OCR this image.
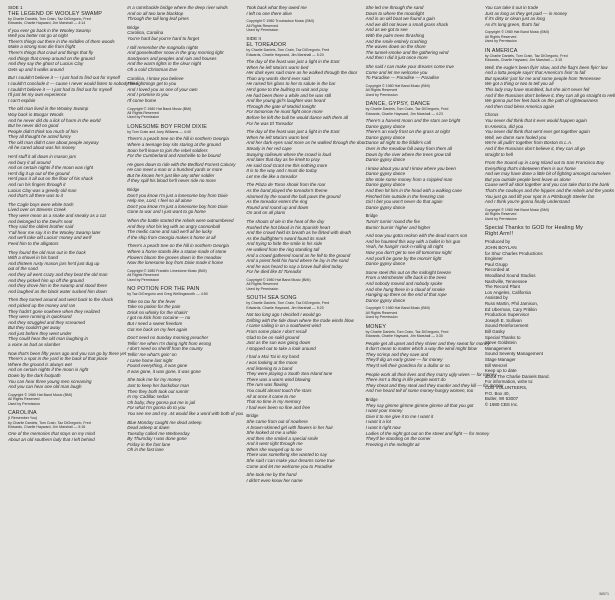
SIDE 1
THE LEGEND OF WOOLEY SWAMP
by Charlie Daniels, Tom Crain, Taz DiGregorio, Fred
Edwards, Charlie Hayward, Jim Marshall — 4:14
If you ever go back in the Wooley Swamp
Well you better not go at night
There's things out there in the middles of them woods
Make a strong man die from fright
There's things that crawl and things that fly
And things that creep around on the ground
And they say the ghost of Lucius Clay
Gets up and it walks around
But I couldn't believe it — I just had to find out for myself
I couldn't conclude it — cause I never would listen to nobody else
I couldn't believe it — I just had to find out for myself
I'll just let my own experience
I can't explain
The old man lived in the Wooley Swamp
Way back in Boogar Woods
And he never did do a lick of harm in the world
But he never did no good
People didn't think too much of him
They all thought he acted funny
The old man didn't care about people anyway
All he cared about was his money
He'd stuff it all down in mason jars
And bury it all around
And on certain nights if the moon was right
He'd dig it up out of the ground
He'd pour it all out on the floor of his shack
And run his fingers through it
Lucius Clay was a greedy old man
And that's all there was to it
The Cagle boys were white trash
Lived over on Stevens Creek
They were mean as a snake and sneaky as a cat
And belonged to the Devil's seat
They said the oldest brother said
Y'all hear me say it in the Wooley Swamp later
And we'll take old Lucius' money and we'll
Feed him to the alligators
They found the old man out in the back
With a shovel in his hand
And thirteen rusty mason jars he'd just dug up
out of the sand
And they all went crazy and they beat the old man
And they picked him up off the ground
And they drove him in the swamp and stood there
And laughed as the black water sucked him down
Then they turned around and went back to the shack
And picked up the money and ran
They hadn't gone nowhere when they realized
They were running in quicksand
And they struggled and they screamed
But they couldn't get away
And just before they went under
They could hear the old man laughing in
a voice as bad as slumber
Now that's been fifty years ago and you can go by there yet
There's a spot in the yard in the back of that place
Where the ground is always wet
And on certain nights if the moon is right
Down by the dark footpath
You can hear three young men screaming
And you can hear one old man laugh
Copyright © 1980 Hat Band Music (BMI)
All Rights Reserved
Used by Permission
CAROLINA
(I Remember You)
by Charlie Daniels, Tom Crain, Taz DiGregorio, Fred
Edwards, Charlie Hayward, Jim Marshall — 5:16
One of the memories that stays on my mind
About an old southern lady that I left behind
In a ramshackle bridge where the deep river winds
And on all two lane blacktop
Through the tall long leaf pines
Bridge
Carolina, Carolina
You're hard but you're hard to forget
I still remember the magnolia nights
And gooseleather snow in the gray morning light
Sandyears and peoples and rain and houses
And the warm lights in the clear night
Oh a cold Christmas Eve
Carolina, I know you believe
The lightnings get to you
And I loved you as one of your own
And I promise to you
I'll come home
Copyright © 1980 Hat Band Music (BMI)
All Rights Reserved
Used by Permission
LONESOME BOY FROM DIXIE
by Tom Crain and Joey Williams — 4:40
There's a peach tree on the hill in northern Georgia
Where a teenage boy sits staring at the ground
Soon he'll leave to join the rebel soldiers
For the Cumberland and Nashville to be bound
He goes down to ride with the Bedford Forrest Calvary
He can meet a man or a hundred yards or more
But he knows he's just like any other soldier
If they spill his blood he'll never ride no more
Bridge
Don't you know I'm just a lonesome boy from Dixie
Help me, Lord, I feel so all alone
Don't you know I'm just a lonesome boy from Dixie
Gone to war and I just want to go home
When the battle started the rebels were outnumbered
And they shot his leg with an angry cannonball
The medic came and said we'll all be lucky
If the ship from Georgia makes it home at all
There's a peach tree on the hill in northern Georgia
Where a horse stands like a statue made of stone
Flowers bloom the groves down in the meadow
Now the lonesome boy from Dixie made it home
Copyright © 1980 Franklin Limestone Music (BMI)
All Rights Reserved
Used by Permission
NO POTION FOR THE PAIN
by Taz DiGregorio and Greg Wellingsworth — 4:50
Take no tax for the fever
Take no potion for the pain
Drink no whisky for the shakin'
I got no kick from cocaine — no
But I need a sweet freedom
Got me back on my feet again
Don't need no Sunday morning preacher
Tellin' me when I'm doing right from wrong
I don't need no sheriff from the county
Tellin' me what's goin' on
I came home last night
Found everything, it was gone
It was gone, it was gone, it was gone
She took me for my money
Just to keep her backdoor man
Then they both took out runnin'
In my Cadillac sedan
Oh baby, they gonna put me in jail
For what I'm gonna do to you
You see me and my .44 would like a word with both of you
Blue Monday caught me dead asleep
Dead asleep at dawn
Tuesday called me Wednesday
By Thursday I was done gone
Friday in the fast lane
Oh in the fast lane
Took back what they owed me
I left no one there alive
Copyright © 1980 Troubadour Music (BMI)
All Rights Reserved
Used by Permission
SIDE II
EL TOREADOR
by Charlie Daniels, Tom Crain, Taz DiGregorio, Fred
Edwards, Charlie Hayward, Jim Marshall — 5:20
The day of the feast was just a light in the East
When he left Maria's warm bed
Her dark eyes said more as he walked through the door
Than any words she'd ever said
He raised his glass to her to salute in the bar
He'd gone to the bullring to wait and pray
He had been there a while and he was still
And the young girl's laughter was heard
Through the gate of Madrid tonight
For tomorrow he must fight once more
Before he left the bull he would dance with them all
For he was El Toreador
The day of the feast was just a light in the East
When he left Maria's warm bed
And her dark eyes said more as he walked through the door
Steady in her red cape
Swaying coliseum where the crowd is loud
And later that day as he knelt to pray
He said God Grant me this nothing more
It is to the way and I must die today
Let me die like a toreador
The Plaza de Toros shook from the roar
As the band played the toreador's theme
Alarmed by the sound the bull paws the ground
As the toreador enters the ring
Round and round up and down
On and on all plans
The shouts of ole in the heat of the day
Rushed the hot blood in his Spanish heart
And the crowd held its breath as he flirted with death
As the bullfighter's sword found its mark
And trying to hide the smile in his side
He walked from the ring standing tall
And a crowd gathered round as he fell to the ground
And a priest held his hand where he lay in the sand
And he was heard to say a brave bull died today
For he died like El Toreador
Copyright © 1980 Hat Band Music (BMI)
All Rights Reserved
Used by Permission
SOUTH SEA SONG
by Charlie Daniels, Tom Crain, Taz DiGregorio, Fred
Edwards, Charlie Hayward, Jim Marshall — 5:20
Not too long ago I decided I would go
Drifting with the tide down where the trade winds blow
I came sailing in on a southwest wind
From some place I don't recall
Glad to be on solid ground
Just as the sun was going down
I stopped out to take a look around
I had a Mai Tai in my hand
I was looking at the moon
And listening to a band
They were playing a South Sea Island tune
There was a warm wind blowing
The rum was flowing
You could almost touch the stars
All at once it came to me
That no time in my memory
I had ever been so fine and free
Bridge
She came from out of nowhere
A brown-skinned girl with flowers in her hair
She looked at me a while
And then she smiled a special smile
And it went right through me
When she swayed up to me
There was something she wanted to say
She said I can make your dreams come true
Come and let me welcome you to Paradise
She took me by the hand
I didn't even know her name
She led me through the sand
Down to where the moonlight
And in an old boat we found a gain
And we did not leave a small grass shack
And as we got to see
With the palm trees thrashing
And the smile entirely crashing
The waves down on the shore
The tunnel-smoke and the gathering wind
And then I did it just once more
She said I can make your dreams come true
Come and let me welcome you
To Paradise — Paradise — Paradise
Copyright © 1980 Hat Band Music (BMI)
All Rights Reserved
Used by Permission
DANCE, GYPSY, DANCE
by Charlie Daniels, Tom Crain, Taz DiGregorio, Fred
Edwards, Charlie Hayward, Jim Marshall — 4:23
There's a harvest moon and the stars are bright
Dance gypsy dance
There's an early frost on the grass at night
Dance gypsy dance
Dance all night to the fiddle's call
Over in the meadow fall away from them all
Down by the river where the trees grow tall
Dance gypsy dance
I know about you and I know where you been
Dance gypsy dance
She stole some money from a crippled man
Dance gypsy dance
And then hit him in the head with a walking cane
Pinched him outside in the freezing rain
Girl I bet you won't never do that again
Dance gypsy dance
Bridge
Turnin' turnin' round the fire
Burnin' burnin' higher and higher
And now you gotta reckon with the dead man's son
And he haunted this way with a bullet in his gun
Yeah, he hangin' rock-n-rolling all night
Now you don't get to see till tomorrow night
And you'll be gone by the mornin' light
Dance gypsy dance
Some steel this out on the midnight breeze
From a Winchester rifle back in the trees
And nobody moved and nobody spoke
And she hung there in a cloud of smoke
Hanging up there on the end of that rope
Dance gypsy dance
Copyright © 1980 Hat Band Music (BMI)
All Rights Reserved
Used by Permission
MONEY
by Charlie Daniels, Tom Crain, Taz DiGregorio, Fred
Edwards, Charlie Hayward, Jim Marshall — 3:30
People get all upset and they shiver and they sweat for money
It don't mean to matter which a way the wind might blow
They scrimp and they save and
They'll dig an early grave — for money
They'd sell their grandma for a dollar or so
People work all their lives and they marry ugly wives — for money
There isn't a thing in life people won't do
They cheat and they steal and they murder and they kill — for money
And I've heard tell of some money-hungry women, too
Bridge
They say gimme gimme gimme gimme all that you got
I want your money
Give it to me give it to me I want it
I want it a lot
I want it right now
Ladies of the night got out on the street and fight — for money
They'll be standing on the corner
Freezing in the midnight air
You can take it out in trade
Just as long as they get paid — in money
If it's dirty or clean just as long
As it's long green, that's fair
Copyright © 1980 Hat Band Music (BMI)
All Rights Reserved
Used by Permission
IN AMERICA
by Charlie Daniels, Tom Crain, Taz DiGregorio, Fred
Edwards, Charlie Hayward, Jim Marshall — 3:15
Well, the eagle's been flyin' slow, and the flag's been flyin' low
And a lotta people sayin' that America's fixin' to fall
But speakin' just for me and some people from Tennessee
We got a thing or two to tell you all
This lady may have stumbled, but she ain't never fell
And if the Russians don't believe it, they can all go straight to Hell
We gonna put her feet back on the path of righteousness
And then God bless America again
Chorus
You never did think that it ever would happen again
In America, did you
You never did think that we'd ever get together again
Well, we damn sure fooled you
We're all pullin' together from Boston to L.A.
And if the Russians don't believe it, they can all go
straight to hell
From the Sound up in Long Island out to San Francisco Bay
Everything that's inbetween them is our home
And we may have done a little bit of fighting amongst ourselves
But you outside people best leave us alone
Cause we'll all stick together and you can take that to the bank
That's the cowboys and the hippies and the rebels and the yanks
You just go and lift your spot in a Pittsburgh Steeler fan
And I think you're gonna finally understand
Copyright © 1980 Hat Band Music (BMI)
All Rights Reserved
Used by Permission
Special Thanks to GOD for Healing My Right Arm!!
Produced by
JOHN BOYLAN
for Shur Charles Productions
Engineer
Paul Grupp
Recorded at
Woodland Sound Studios
Nashville, Tennessee
The Record Plant
Los Angeles, California
Assisted by
Russ Martin, Phil Jamison,
Ed Uberman, Cary Pritikin
Production Supervisor
Joseph E. Sullivan
Sound Reinforcement
Bill Gasky
Special Thanks to
Steve Goldstein
Management
Sound Seventy Management
Stage Manager
Bill Wenzel
Keep up to date
about The Charlie Daniels Band.
For information, write to:
CDB VOLUNTEERS,
P.O. Box 40,
Butler, WI 53007
© 1980 CBS Inc.
36571
